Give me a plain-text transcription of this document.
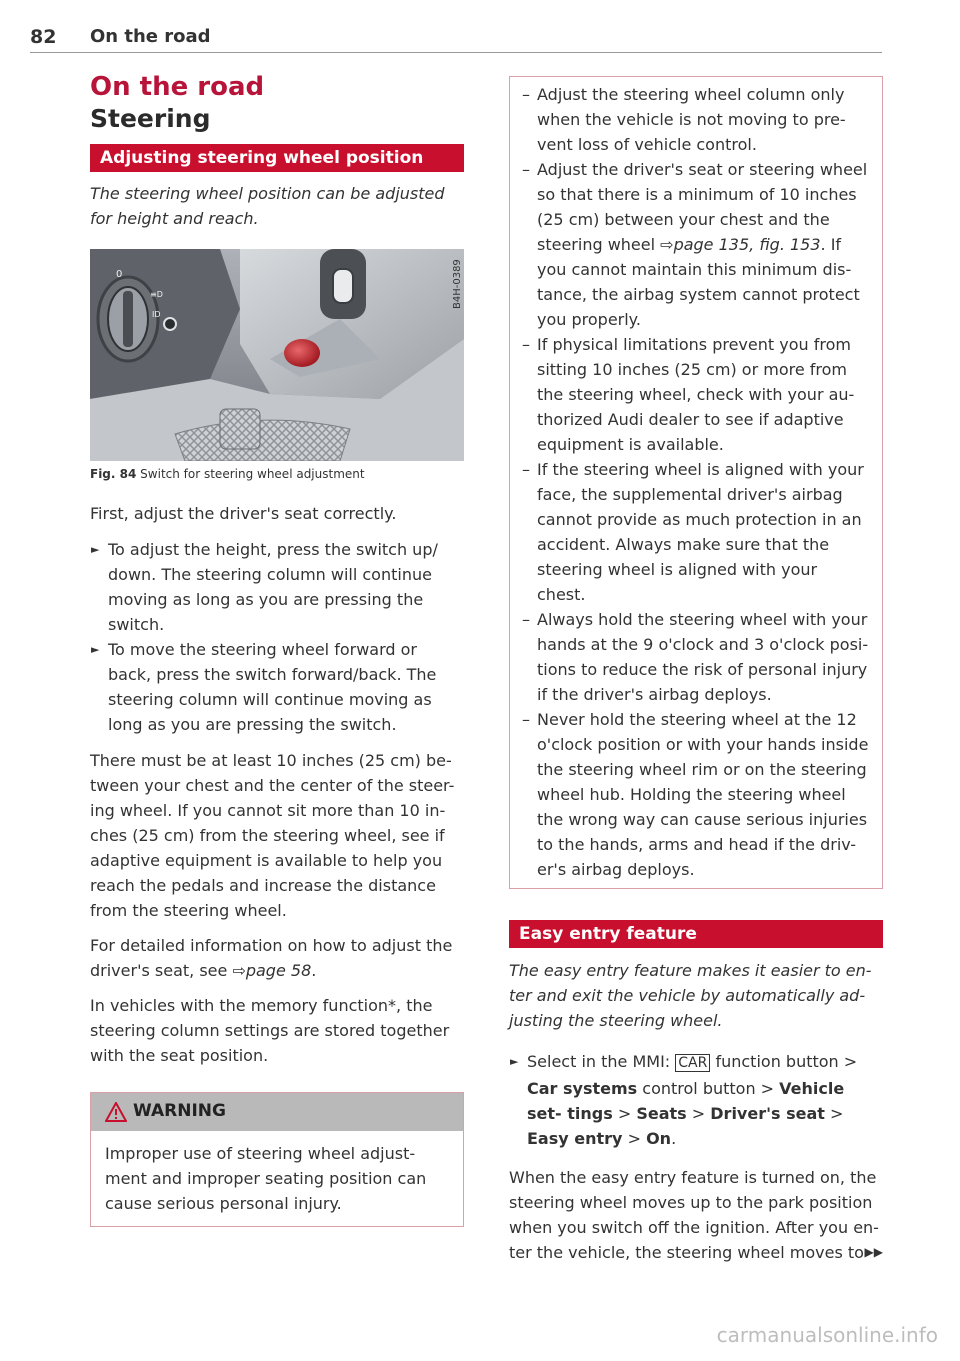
82 On the road
On the road
Steering
Adjusting steering wheel position

The steering wheel position can be adjusted for height and reach.

0
≡D
ID
B4H-0389
Fig. 84 Switch for steering wheel adjustment

First, adjust the driver's seat correctly.

► To adjust the height, press the switch up/ down. The steering column will continue moving as long as you are pressing the switch.
► To move the steering wheel forward or back, press the switch forward/back. The steering column will continue moving as long as you are pressing the switch.

There must be at least 10 inches (25 cm) be- tween your chest and the center of the steer- ing wheel. If you cannot sit more than 10 in- ches (25 cm) from the steering wheel, see if adaptive equipment is available to help you reach the pedals and increase the distance from the steering wheel.

For detailed information on how to adjust the driver's seat, see ⇨page 58.

In vehicles with the memory function*, the steering column settings are stored together with the seat position.

WARNING
Improper use of steering wheel adjust- ment and improper seating position can cause serious personal injury.
– Adjust the steering wheel column only when the vehicle is not moving to pre- vent loss of vehicle control.
– Adjust the driver's seat or steering wheel so that there is a minimum of 10 inches (25 cm) between your chest and the steering wheel ⇨page 135, fig. 153. If you cannot maintain this minimum dis- tance, the airbag system cannot protect you properly.
– If physical limitations prevent you from sitting 10 inches (25 cm) or more from the steering wheel, check with your au- thorized Audi dealer to see if adaptive equipment is available.
– If the steering wheel is aligned with your face, the supplemental driver's airbag cannot provide as much protection in an accident. Always make sure that the steering wheel is aligned with your chest.
– Always hold the steering wheel with your hands at the 9 o'clock and 3 o'clock posi- tions to reduce the risk of personal injury if the driver's airbag deploys.
– Never hold the steering wheel at the 12 o'clock position or with your hands inside the steering wheel rim or on the steering wheel hub. Holding the steering wheel the wrong way can cause serious injuries to the hands, arms and head if the driv- er's airbag deploys.
Easy entry feature

The easy entry feature makes it easier to en- ter and exit the vehicle by automatically ad- justing the steering wheel.

► Select in the MMI: CAR function button > Car systems control button > Vehicle set- tings > Seats > Driver's seat > Easy entry > On.

When the easy entry feature is turned on, the steering wheel moves up to the park position when you switch off the ignition. After you en- ter the vehicle, the steering wheel moves to ▶▶

carmanualsonline.info
